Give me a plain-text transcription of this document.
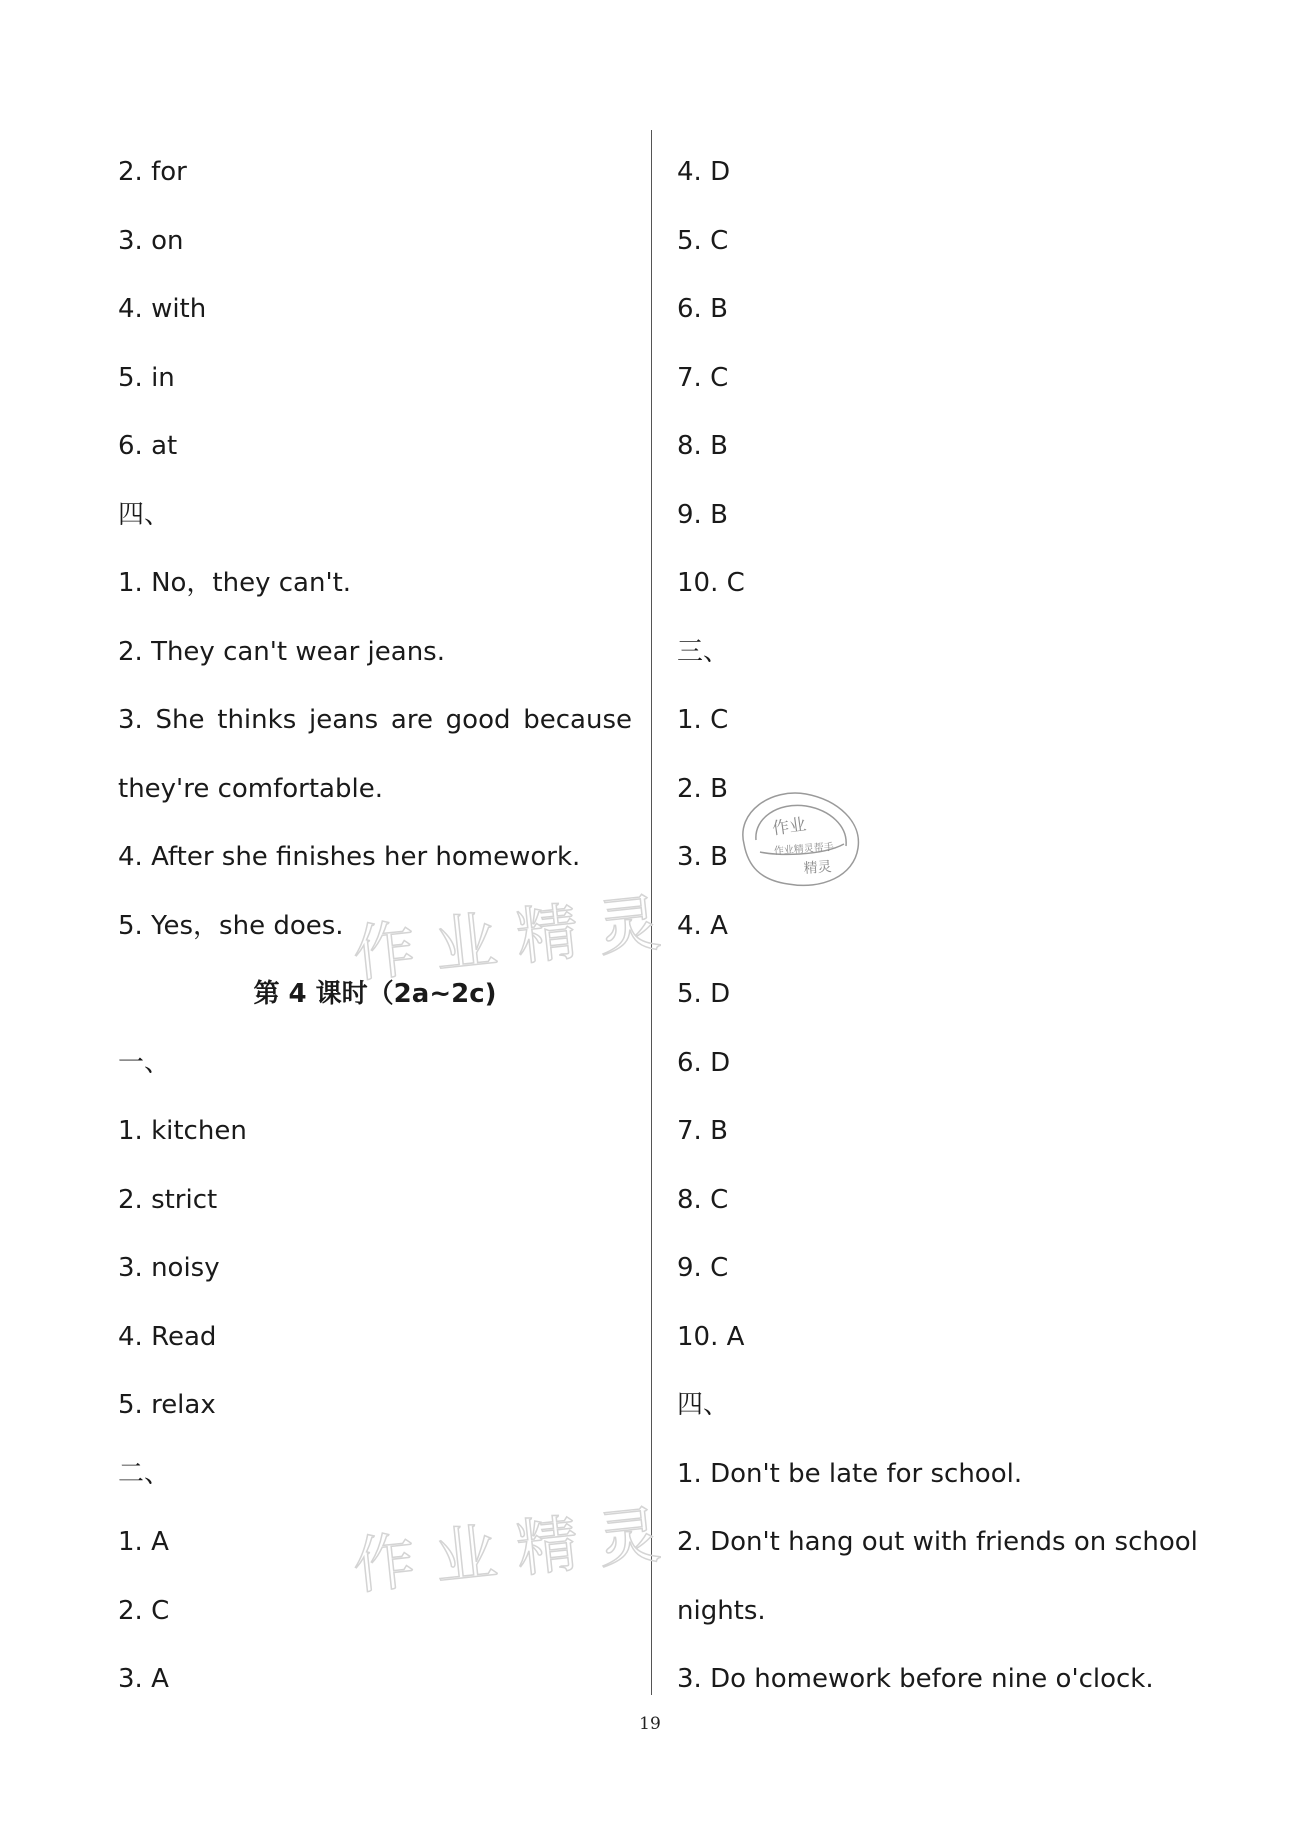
2. for
3. on
4. with
5. in
6. at
四、
1. No，they can't.
2. They can't wear jeans.
3. She thinks jeans are good because
they're comfortable.
4. After she finishes her homework.
5. Yes，she does.
第 4 课时（2a~2c)
一、
1. kitchen
2. strict
3. noisy
4. Read
5. relax
二、
1. A
2. C
3. A
4. D
5. C
6. B
7. C
8. B
9. B
10. C
三、
1. C
2. B
3. B
4. A
5. D
6. D
7. B
8. C
9. C
10. A
四、
1. Don't be late for school.
2. Don't hang out with friends on school
nights.
3. Do homework before nine o'clock.
作业精灵
作业精灵
作业
作业精灵帮手
精灵
19
